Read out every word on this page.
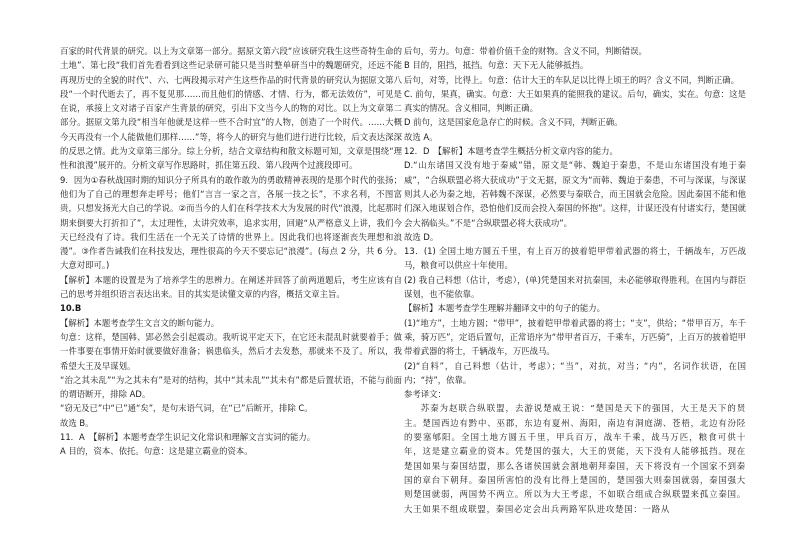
百家的时代背景的研究。以上为文章第一部分。据原文第六段“应该研究我生这些奇特生命的土地”、第七段“我们首先看看到这些记录研可能只是当时整单研当中的魏题研究，还远不能再现历史的全貌的时代”、六、七两段揭示对产生这些作品的时代背景的研究认为据原文第八段“一个时代逝去了，再不复见那……而且他们的情感、才情、行为，都无法效仿”，可见是在说，承接上文对诸子百家产生背景的研究，引出下文当今人的物的对比。以上为文章第二部分。据原文第九段“相当年他就是这样一些不合时宜”的人物，创造了一个时代。……大概今天再没有一个人能做他们那样……”等，将今人的研究与他们进行进行比较，后文表达深深的反思之情。此为文章第三部分。综上分析，结合文章结构和散文标题可知，文章是围绕“理性和浪漫”展开的。分析文章写作思路时，抓住第五段、第八段两个过渡段即可。

9．因为①春秋战国时期的知识分子所具有的敢作敢为的勇敢精神表现的是那个时代的张扬；他们为了自己的理想奔走呼号；他们“言言一家之言，各展一技之长”，不求名利，不图富贵，只想发扬光大自己的学说。②而当今的人们在科学技术大为发展的时代“浪漫，比起那时期来倒要大打折扣了”，太过理性，太讲究效率，追求实用，回避“从严格意义上讲，我们今天已经没有了诗。我们生活在一个无关了诗情的世界上。因此我们也将逐渐丧失理想和浪漫”。③作者告诫我们在科技发达，理性很高的今天不要忘记“浪漫”。(每点 2 分，共 6 分。大意对即可。)

【解析】本题的设置是为了培养学生的思辨力。在阐述并回答了前两道题后，考生应该有自己的思考并组织语言表达出来。目的其实是读懂文章的内容，概括文章主旨。

10.B

【解析】本题考查学生文言文的断句能力。

句意：这样，楚国韩、郢必然会引起震动。我听说平定天下，在它还未混乱时就要着手；做一件事要在事情开始时就要做好准备；祸患临头，然后才去发愁，那就来不及了。所以，我希望大王及早谋划。

“治之其未乱”“为之其未有”是对的结构，其中“其未乱”“其未有”都是后置状语，不能与前面的谓语断开，排除 AD。

“窃无及已”中“已”通“矣”，是句末语气词，在“已”后断开，排除 C。

故选 B。

11．A　【解析】本题考查学生识记文化常识和理解文言实词的能力。

A 目的，资本、依托。句意：这是建立霸业的资本。

后句，劳力。句意：带着价值千金的财物。含义不同，判断错误。

B 目的，阻挡，抵挡。句意：天下无人能够抵挡。

后句，对等，比得上。句意：估计大王的车队足以比得上顷王的吗？含义不同，判断正确。

C. 前句，果真，确实。句意：大王如果真的能照我的建议。后句，确实，实在。句意：这是真实的情况。含义相同，判断正确。

D 前句，这是国家危急存亡的时候。含义不同，判断正确。

故选 A。

12．D　【解析】本题考查学生概括分析文章内容的能力。

D.“山东诸国又没有地于秦威”错，原文是“韩、魏迫于秦患，不是山东诸国没有地于秦威”，“合纵联盟必将大获成功”于文无据，原文为“而韩、魏迫于秦患，不可与深谋，与深谋则其人必为秦之地，若韩魏不深谋，必然要与秦联合，而王国就会危险。因此秦国不能和他们深入地谋划合作，恐怕他们反而会投入秦国的怀抱”。这样，计谋还没有付诸实行，楚国就会大祸临头。”不是“合纵联盟必将大获成功”。

故选 D。

13．(1) 全国土地方圆五千里，有上百万的披着铠甲带着武器的将士，千辆战车，万匹战马，粮食可以供应十年使用。

(2) 我自己料想（估计，考虑），(单)凭楚国来对抗秦国，未必能够取得胜利。在国内与群臣谋划，也不能依靠。

【解析】本题考查学生理解并翻译文中的句子的能力。

(1)“地方”，土地方圆；“带甲”，披着铠甲带着武器的将士；“支”，供给；“带甲百万，车千乘，骑万匹”，定语后置句，正常语序为“带甲者百万，千乘车，万匹骑”，上百万的披着铠甲带着武器的将士，千辆战车，万匹战马。

(2)“自料”，自己料想（估计，考虑）；“当”，对抗，对当；“内”，名词作状语，在国内；“持”，依靠。

参考译文：

苏秦为赵联合纵联盟，去游说楚威王说：“楚国是天下的强国，大王是天下的贤主。楚国西边有黔中、巫郡，东边有夏州、海阳，南边有洞庭湖、苍梧，北边有汾陉的要塞郇阳。全国土地方圆五千里，甲兵百万，战车千乘，战马万匹，粮食可供十年，这是建立霸业的资本。凭楚国的强大，大王的贤能，天下没有人能够抵挡。现在楚国如果与秦国结盟，那么各诸侯国就会割地朝拜秦国，天下将没有一个国家不到秦国的章台下朝拜。秦国所害怕的没有比得上楚国的，楚国强大则秦国就弱，秦国强大则楚国就弱，两国势不两立。所以为大王考虑，不如联合组成合纵联盟来孤立秦国。大王如果不组成联盟，秦国必定会出兵两路军队进攻楚国：一路从
